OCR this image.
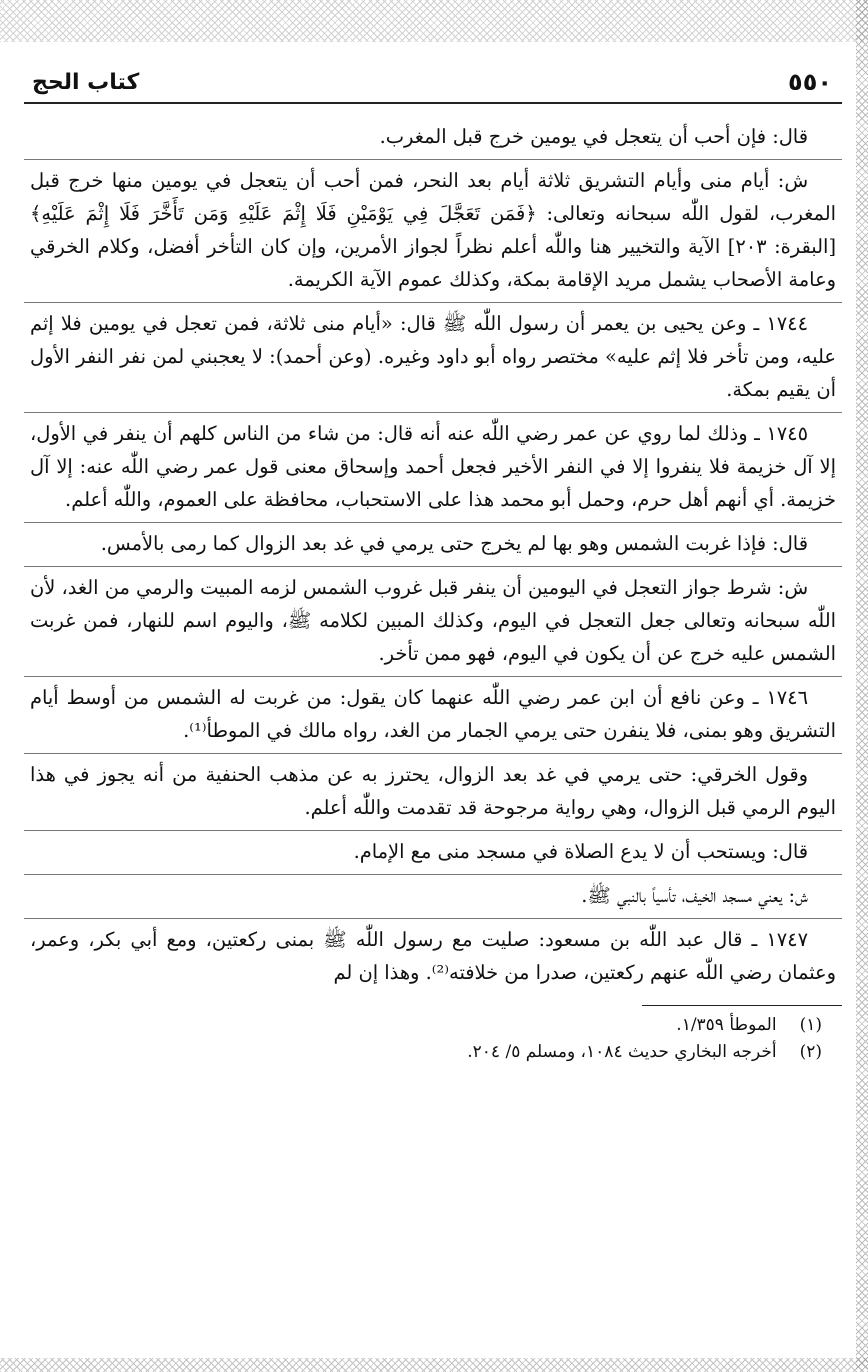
٥٥٠
كتاب الحج

قال: فإن أحب أن يتعجل في يومين خرج قبل المغرب.

ش: أيام منى وأيام التشريق ثلاثة أيام بعد النحر، فمن أحب أن يتعجل في يومين منها خرج قبل المغرب، لقول اللّٰه سبحانه وتعالى: ﴿فَمَن تَعَجَّلَ فِي يَوْمَيْنِ فَلَا إِثْمَ عَلَيْهِ وَمَن تَأَخَّرَ فَلَا إِثْمَ عَلَيْهِ﴾ [البقرة: ٢٠٣] الآية والتخيير هنا واللّٰه أعلم نظراً لجواز الأمرين، وإن كان التأخر أفضل، وكلام الخرقي وعامة الأصحاب يشمل مريد الإقامة بمكة، وكذلك عموم الآية الكريمة.

١٧٤٤ ـ وعن يحيى بن يعمر أن رسول اللّٰه ﷺ قال: «أيام منى ثلاثة، فمن تعجل في يومين فلا إثم عليه، ومن تأخر فلا إثم عليه» مختصر رواه أبو داود وغيره. (وعن أحمد): لا يعجبني لمن نفر النفر الأول أن يقيم بمكة.

١٧٤٥ ـ وذلك لما روي عن عمر رضي اللّٰه عنه أنه قال: من شاء من الناس كلهم أن ينفر في الأول، إلا آل خزيمة فلا ينفروا إلا في النفر الأخير فجعل أحمد وإسحاق معنى قول عمر رضي اللّٰه عنه: إلا آل خزيمة. أي أنهم أهل حرم، وحمل أبو محمد هذا على الاستحباب، محافظة على العموم، واللّٰه أعلم.

قال: فإذا غربت الشمس وهو بها لم يخرج حتى يرمي في غد بعد الزوال كما رمى بالأمس.

ش: شرط جواز التعجل في اليومين أن ينفر قبل غروب الشمس لزمه المبيت والرمي من الغد، لأن اللّٰه سبحانه وتعالى جعل التعجل في اليوم، وكذلك المبين لكلامه ﷺ، واليوم اسم للنهار، فمن غربت الشمس عليه خرج عن أن يكون في اليوم، فهو ممن تأخر.

١٧٤٦ ـ وعن نافع أن ابن عمر رضي اللّٰه عنهما كان يقول: من غربت له الشمس من أوسط أيام التشريق وهو بمنى، فلا ينفرن حتى يرمي الجمار من الغد، رواه مالك في الموطأ⁽¹⁾.

وقول الخرقي: حتى يرمي في غد بعد الزوال، يحترز به عن مذهب الحنفية من أنه يجوز في هذا اليوم الرمي قبل الزوال، وهي رواية مرجوحة قد تقدمت واللّٰه أعلم.

قال: ويستحب أن لا يدع الصلاة في مسجد منى مع الإمام.

ش: يعني مسجد الخيف، تأسياً بالنبي ﷺ.

١٧٤٧ ـ قال عبد اللّٰه بن مسعود: صليت مع رسول اللّٰه ﷺ بمنى ركعتين، ومع أبي بكر، وعمر، وعثمان رضي اللّٰه عنهم ركعتين، صدرا من خلافته⁽²⁾. وهذا إن لم

(١) الموطأ ١/٣٥٩.

(٢) أخرجه البخاري حديث ١٠٨٤، ومسلم ٥/ ٢٠٤.
